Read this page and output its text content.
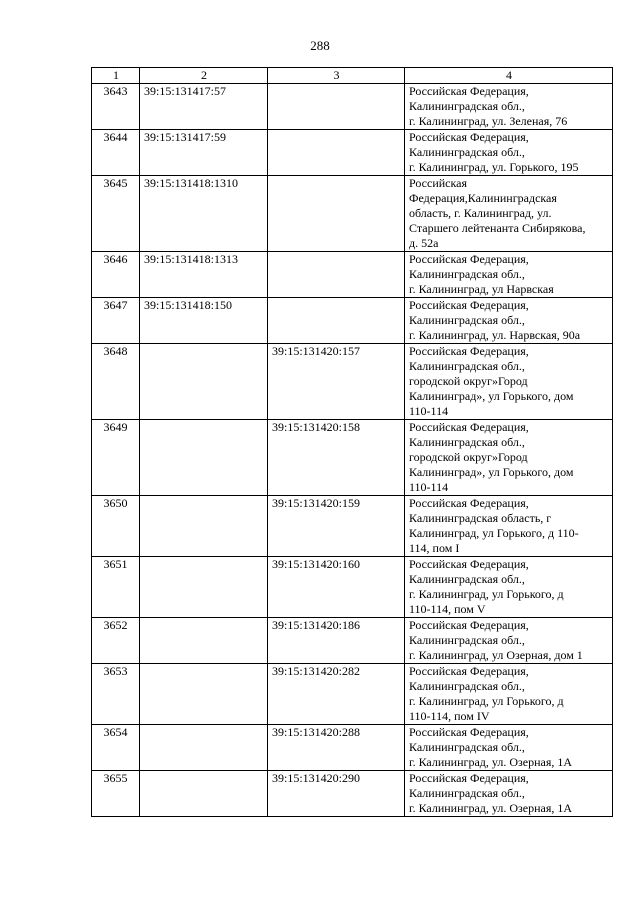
288
1	2	3	4
3643	39:15:131417:57		Российская Федерация,
Калининградская обл.,
г. Калининград, ул. Зеленая, 76

3644	39:15:131417:59		Российская Федерация,
Калининградская обл.,
г. Калининград, ул. Горького, 195

3645	39:15:131418:1310		Российская
Федерация,Калининградская
область, г. Калининград, ул.
Старшего лейтенанта Сибирякова,
д. 52а

3646	39:15:131418:1313		Российская Федерация,
Калининградская обл.,
г. Калининград, ул Нарвская

3647	39:15:131418:150		Российская Федерация,
Калининградская обл.,
г. Калининград, ул. Нарвская, 90а

3648		39:15:131420:157	Российская Федерация,
Калининградская обл.,
городской округ»Город
Калининград», ул Горького, дом
110-114

3649		39:15:131420:158	Российская Федерация,
Калининградская обл.,
городской округ»Город
Калининград», ул Горького, дом
110-114

3650		39:15:131420:159	Российская Федерация,
Калининградская область, г
Калининград, ул Горького, д 110-
114, пом I

3651		39:15:131420:160	Российская Федерация,
Калининградская обл.,
г. Калининград, ул Горького, д
110-114, пом V

3652		39:15:131420:186	Российская Федерация,
Калининградская обл.,
г. Калининград, ул Озерная, дом 1

3653		39:15:131420:282	Российская Федерация,
Калининградская обл.,
г. Калининград, ул Горького, д
110-114, пом IV

3654		39:15:131420:288	Российская Федерация,
Калининградская обл.,
г. Калининград, ул. Озерная, 1А

3655		39:15:131420:290	Российская Федерация,
Калининградская обл.,
г. Калининград, ул. Озерная, 1А
